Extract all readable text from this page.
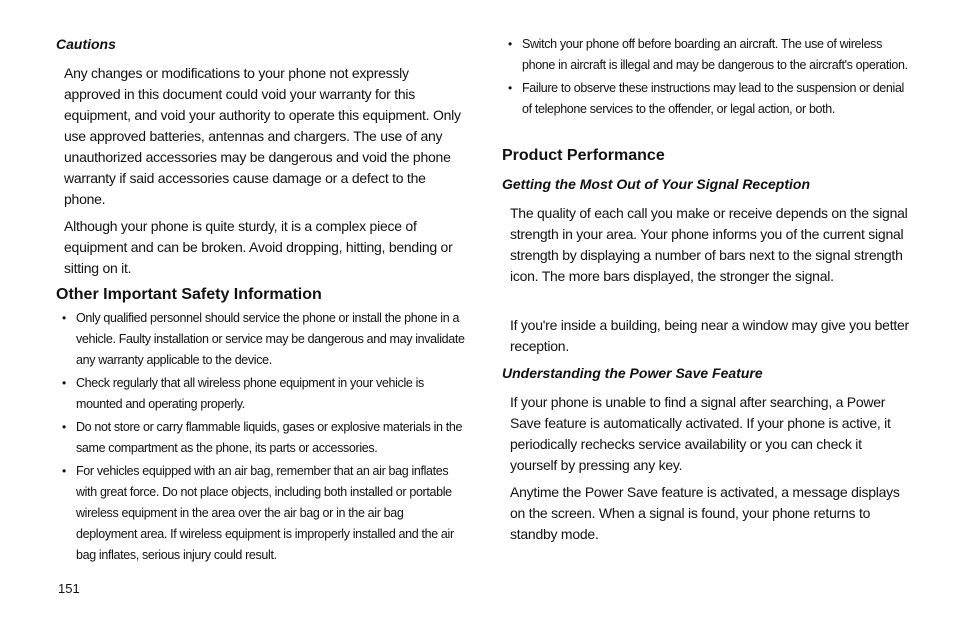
Cautions

Any changes or modifications to your phone not expressly approved in this document could void your warranty for this equipment, and void your authority to operate this equipment. Only use approved batteries, antennas and chargers. The use of any unauthorized accessories may be dangerous and void the phone warranty if said accessories cause damage or a defect to the phone.

Although your phone is quite sturdy, it is a complex piece of equipment and can be broken. Avoid dropping, hitting, bending or sitting on it.

Other Important Safety Information
• Only qualified personnel should service the phone or install the phone in a vehicle. Faulty installation or service may be dangerous and may invalidate any warranty applicable to the device.
• Check regularly that all wireless phone equipment in your vehicle is mounted and operating properly.
• Do not store or carry flammable liquids, gases or explosive materials in the same compartment as the phone, its parts or accessories.
• For vehicles equipped with an air bag, remember that an air bag inflates with great force. Do not place objects, including both installed or portable wireless equipment in the area over the air bag or in the air bag deployment area. If wireless equipment is improperly installed and the air bag inflates, serious injury could result.
• Switch your phone off before boarding an aircraft. The use of wireless phone in aircraft is illegal and may be dangerous to the aircraft's operation.
• Failure to observe these instructions may lead to the suspension or denial of telephone services to the offender, or legal action, or both.
Product Performance
Getting the Most Out of Your Signal Reception

The quality of each call you make or receive depends on the signal strength in your area. Your phone informs you of the current signal strength by displaying a number of bars next to the signal strength icon. The more bars displayed, the stronger the signal.

If you're inside a building, being near a window may give you better reception.

Understanding the Power Save Feature

If your phone is unable to find a signal after searching, a Power Save feature is automatically activated. If your phone is active, it periodically rechecks service availability or you can check it yourself by pressing any key.

Anytime the Power Save feature is activated, a message displays on the screen. When a signal is found, your phone returns to standby mode.

151
